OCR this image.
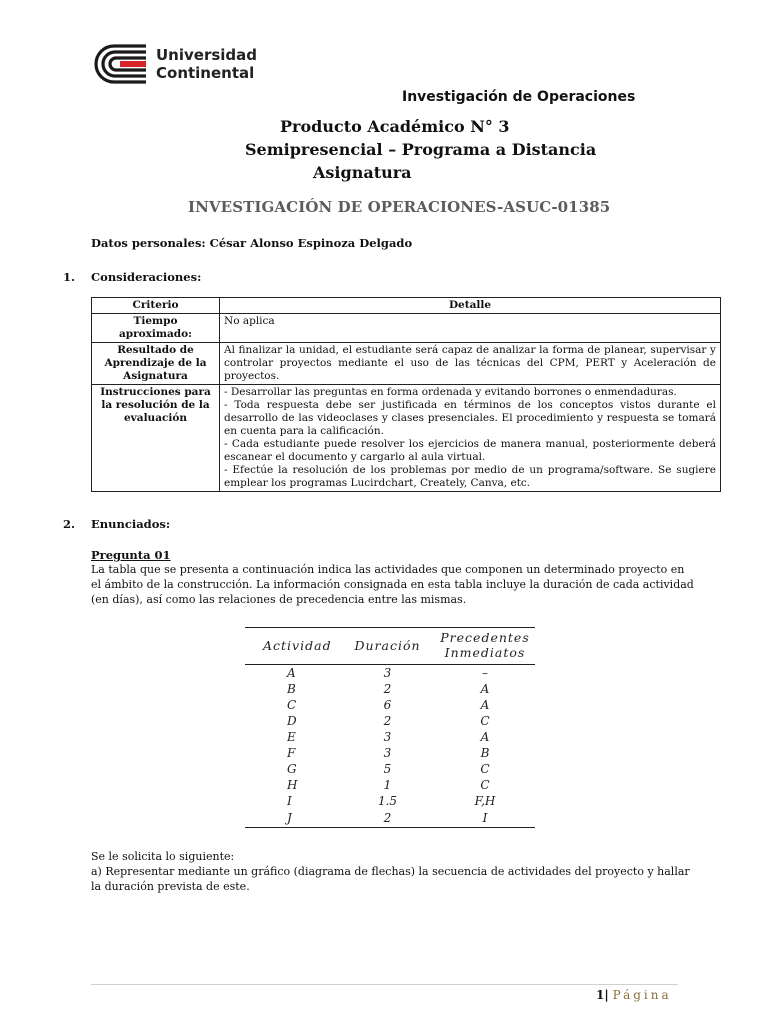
Universidad
Continental
Investigación de Operaciones
Producto Académico N° 3
Semipresencial – Programa a Distancia
Asignatura
INVESTIGACIÓN DE OPERACIONES-ASUC-01385
Datos personales: César Alonso Espinoza Delgado
1. Consideraciones:
Criterio	Detalle
Tiempo aproximado:	No aplica

Resultado de Aprendizaje de la Asignatura	Al finalizar la unidad, el estudiante será capaz de analizar la forma de planear, supervisar y controlar proyectos mediante el uso de las técnicas del CPM, PERT y Aceleración de proyectos.

Instrucciones para la resolución de la evaluación	- Desarrollar las preguntas en forma ordenada y evitando borrones o enmendaduras.
- Toda respuesta debe ser justificada en términos de los conceptos vistos durante el desarrollo de las videoclases y clases presenciales. El procedimiento y respuesta se tomará en cuenta para la calificación.
- Cada estudiante puede resolver los ejercicios de manera manual, posteriormente deberá escanear el documento y cargarlo al aula virtual.
- Efectúe la resolución de los problemas por medio de un programa/software. Se sugiere emplear los programas Lucirdchart, Creately, Canva, etc.
2. Enunciados:
Pregunta 01
La tabla que se presenta a continuación indica las actividades que componen un determinado proyecto en
el ámbito de la construcción. La información consignada en esta tabla incluye la duración de cada actividad
(en días), así como las relaciones de precedencia entre las mismas.
Actividad	Duración	Precedentes
Inmediatos

A	3	–
B	2	A
C	6	A
D	2	C
E	3	A
F	3	B
G	5	C
H	1	C
I	1.5	F,H
J	2	I
Se le solicita lo siguiente:
a) Representar mediante un gráfico (diagrama de flechas) la secuencia de actividades del proyecto y hallar
la duración prevista de este.
1| Página
